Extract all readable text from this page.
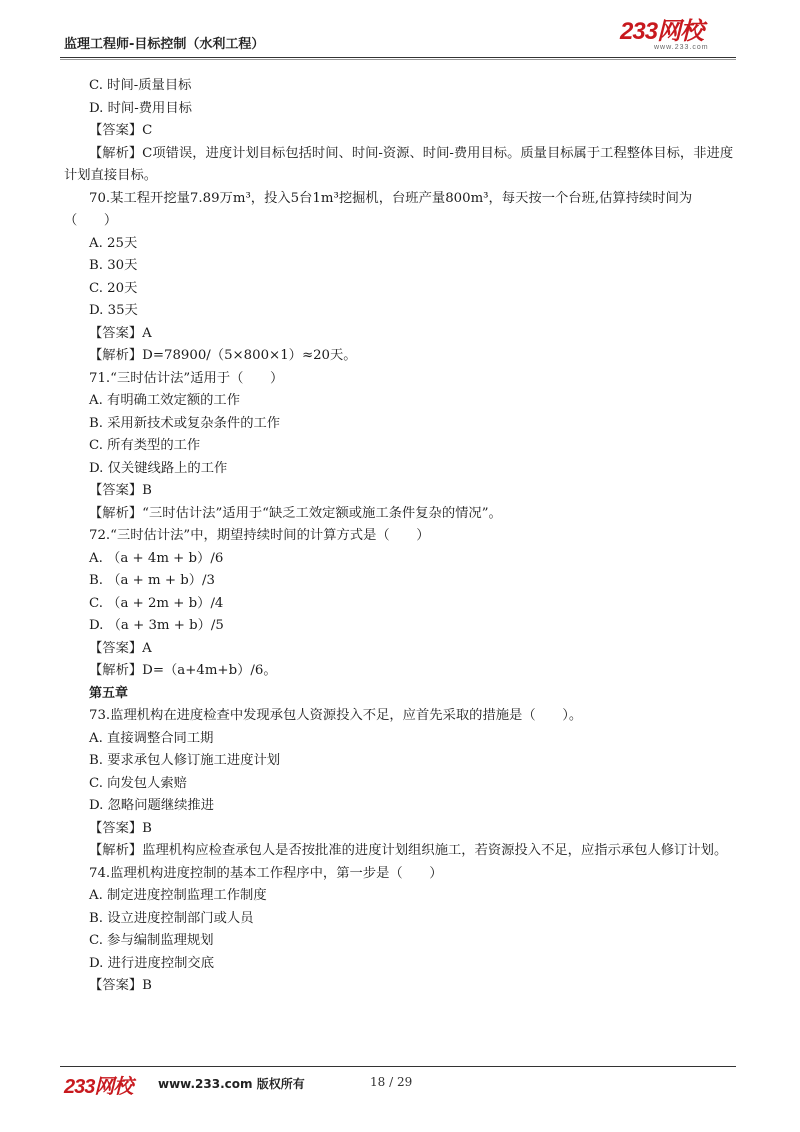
监理工程师-目标控制（水利工程）	233网校
www.233.com
C. 时间-质量目标
D. 时间-费用目标
【答案】C
【解析】C项错误，进度计划目标包括时间、时间-资源、时间-费用目标。质量目标属于工程整体目标，非进度计划直接目标。
70.某工程开挖量7.89万m³，投入5台1m³挖掘机，台班产量800m³，每天按一个台班,估算持续时间为（　　）
A. 25天
B. 30天
C. 20天
D. 35天
【答案】A
【解析】D=78900/（5×800×1）≈20天。
71.“三时估计法”适用于（　　）
A. 有明确工效定额的工作
B. 采用新技术或复杂条件的工作
C. 所有类型的工作
D. 仅关键线路上的工作
【答案】B
【解析】“三时估计法”适用于“缺乏工效定额或施工条件复杂的情况”。
72.“三时估计法”中，期望持续时间的计算方式是（　　）
A. （a + 4m + b）/6
B. （a + m + b）/3
C. （a + 2m + b）/4
D. （a + 3m + b）/5
【答案】A
【解析】D=（a+4m+b）/6。
第五章
73.监理机构在进度检查中发现承包人资源投入不足，应首先采取的措施是（　　）。
A. 直接调整合同工期
B. 要求承包人修订施工进度计划
C. 向发包人索赔
D. 忽略问题继续推进
【答案】B
【解析】监理机构应检查承包人是否按批准的进度计划组织施工，若资源投入不足，应指示承包人修订计划。
74.监理机构进度控制的基本工作程序中，第一步是（　　）
A. 制定进度控制监理工作制度
B. 设立进度控制部门或人员
C. 参与编制监理规划
D. 进行进度控制交底
【答案】B
233网校 www.233.com 版权所有	18 / 29
